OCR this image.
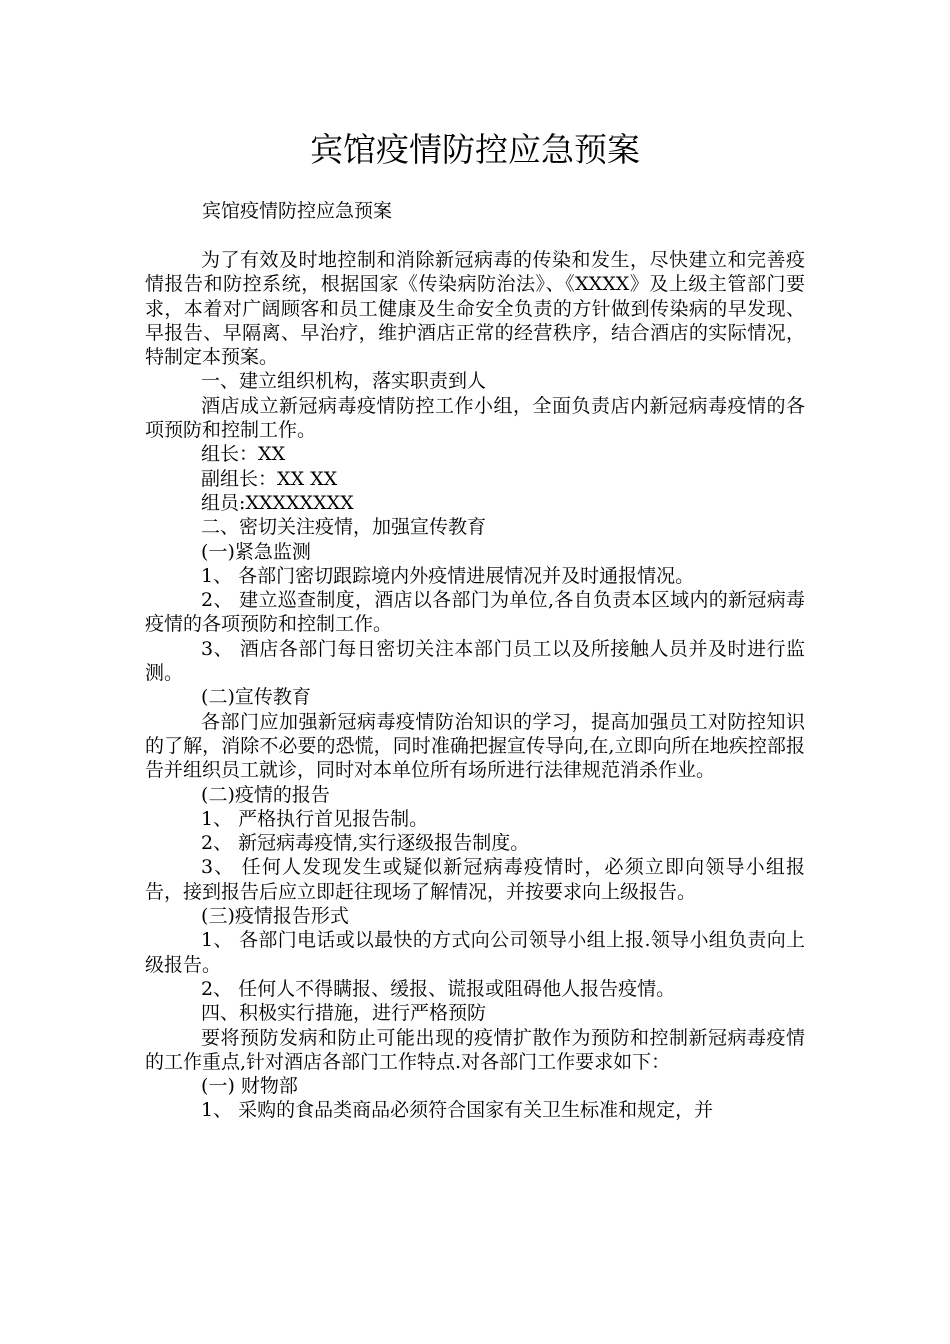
宾馆疫情防控应急预案
宾馆疫情防控应急预案

为了有效及时地控制和消除新冠病毒的传染和发生，尽快建立和完善疫情报告和防控系统，根据国家《传染病防治法》、《XXXX》及上级主管部门要求，本着对广阔顾客和员工健康及生命安全负责的方针做到传染病的早发现、早报告、早隔离、早治疗，维护酒店正常的经营秩序，结合酒店的实际情况，特制定本预案。

一、建立组织机构，落实职责到人

酒店成立新冠病毒疫情防控工作小组，全面负责店内新冠病毒疫情的各项预防和控制工作。

组长：XX

副组长：XX XX

组员:XXXXXXXX

二、密切关注疫情，加强宣传教育

(一)紧急监测

1、 各部门密切跟踪境内外疫情进展情况并及时通报情况。

2、 建立巡查制度，酒店以各部门为单位,各自负责本区域内的新冠病毒疫情的各项预防和控制工作。

3、 酒店各部门每日密切关注本部门员工以及所接触人员并及时进行监测。

(二)宣传教育

各部门应加强新冠病毒疫情防治知识的学习，提高加强员工对防控知识的了解，消除不必要的恐慌，同时准确把握宣传导向,在,立即向所在地疾控部报告并组织员工就诊，同时对本单位所有场所进行法律规范消杀作业。

(二)疫情的报告

1、 严格执行首见报告制。

2、 新冠病毒疫情,实行逐级报告制度。

3、 任何人发现发生或疑似新冠病毒疫情时，必须立即向领导小组报告，接到报告后应立即赶往现场了解情况，并按要求向上级报告。

(三)疫情报告形式

1、 各部门电话或以最快的方式向公司领导小组上报.领导小组负责向上级报告。

2、 任何人不得瞒报、缓报、谎报或阻碍他人报告疫情。

四、积极实行措施，进行严格预防

要将预防发病和防止可能出现的疫情扩散作为预防和控制新冠病毒疫情的工作重点,针对酒店各部门工作特点.对各部门工作要求如下：

(一) 财物部

1、 采购的食品类商品必须符合国家有关卫生标准和规定，并
